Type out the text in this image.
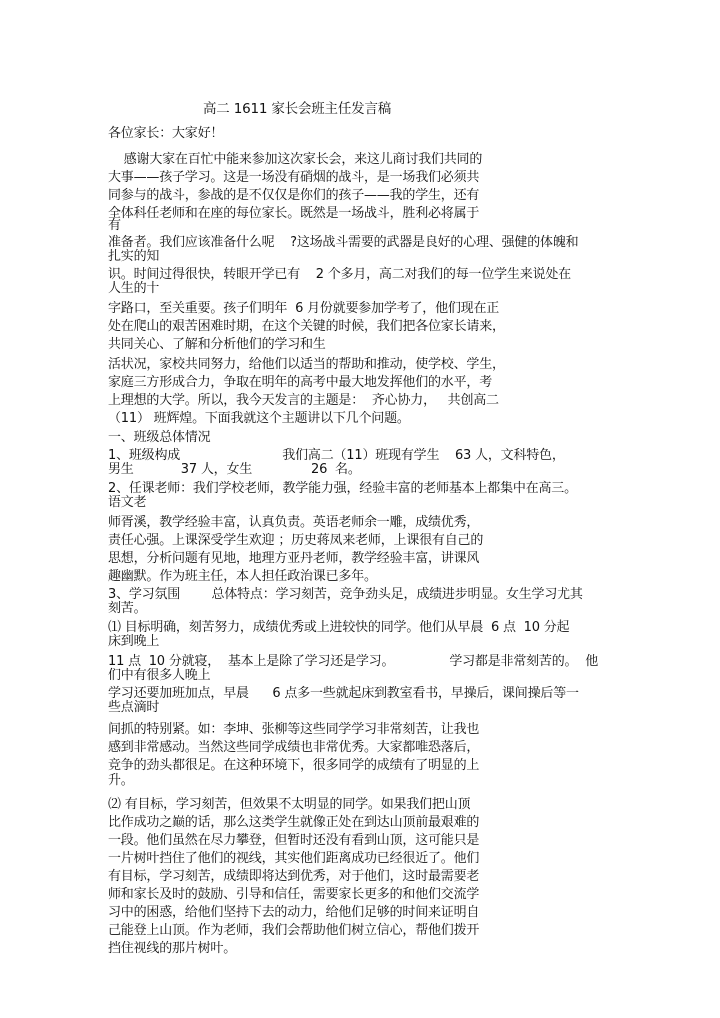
高二 1611 家长会班主任发言稿

各位家长：大家好！

感谢大家在百忙中能来参加这次家长会，来这儿商讨我们共同的

大事——孩子学习。这是一场没有硝烟的战斗，是一场我们必须共

同参与的战斗，参战的是不仅仅是你们的孩子——我的学生，还有

全体科任老师和在座的每位家长。既然是一场战斗，胜利必将属于

有

准备者。我们应该准备什么呢    ?这场战斗需要的武器是良好的心理、强健的体魄和

扎实的知

识。时间过得很快，转眼开学已有    2 个多月，高二对我们的每一位学生来说处在

人生的十

字路口，至关重要。孩子们明年  6 月份就要参加学考了，他们现在正

处在爬山的艰苦困难时期，在这个关键的时候，我们把各位家长请来，

共同关心、了解和分析他们的学习和生

活状况，家校共同努力，给他们以适当的帮助和推动，使学校、学生，

家庭三方形成合力，争取在明年的高考中最大地发挥他们的水平，考

上理想的大学。所以，我今天发言的主题是：  齐心协力，   共创高二

（11） 班辉煌。下面我就这个主题讲以下几个问题。

一、班级总体情况

1、班级构成                          我们高二（11）班现有学生    63 人，文科特色，

男生            37 人，女生               26  名。

2、任课老师：我们学校老师，教学能力强，经验丰富的老师基本上都集中在高三。

语文老

师胥溪，教学经验丰富，认真负责。英语老师余一雕，成绩优秀，

责任心强。上课深受学生欢迎 ；历史蒋凤来老师，上课很有自己的

思想，分析问题有见地，地理方亚丹老师，教学经验丰富，讲课风

趣幽默。作为班主任，本人担任政治课已多年。

3、学习氛围        总体特点：学习刻苦，竞争劲头足，成绩进步明显。女生学习尤其

刻苦。

⑴ 目标明确，刻苦努力，成绩优秀或上进较快的同学。他们从早晨  6 点  10 分起

床到晚上

11 点  10 分就寝，  基本上是除了学习还是学习。              学习都是非常刻苦的。  他

们中有很多人晚上

学习还要加班加点，早晨      6 点多一些就起床到教室看书，早操后，课间操后等一

些点滴时

间抓的特别紧。如：李坤、张柳等这些同学学习非常刻苦，让我也

感到非常感动。当然这些同学成绩也非常优秀。大家都唯恐落后，

竞争的劲头都很足。在这种环境下，很多同学的成绩有了明显的上

升。

⑵ 有目标，学习刻苦，但效果不太明显的同学。如果我们把山顶

比作成功之巅的话，那么这类学生就像正处在到达山顶前最艰难的

一段。他们虽然在尽力攀登，但暂时还没有看到山顶，这可能只是

一片树叶挡住了他们的视线，其实他们距离成功已经很近了。他们

有目标，学习刻苦，成绩即将达到优秀，对于他们，这时最需要老

师和家长及时的鼓励、引导和信任，需要家长更多的和他们交流学

习中的困惑，给他们坚持下去的动力，给他们足够的时间来证明自

己能登上山顶。作为老师，我们会帮助他们树立信心，帮他们拨开

挡住视线的那片树叶。
